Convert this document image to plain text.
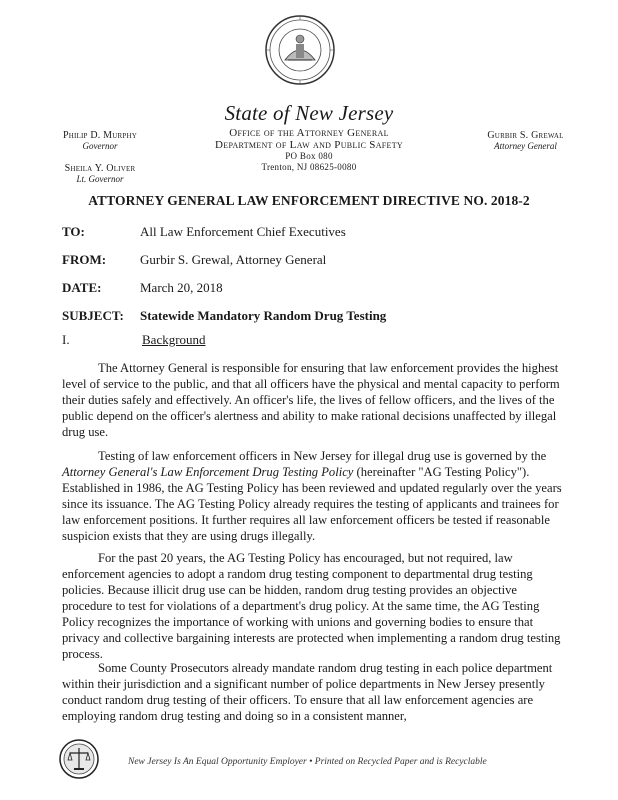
State of New Jersey
Office of the Attorney General
Department of Law and Public Safety
PO Box 080
Trenton, NJ 08625-0080
Philip D. Murphy
Governor
Sheila Y. Oliver
Lt. Governor
Gurbir S. Grewal
Attorney General
ATTORNEY GENERAL LAW ENFORCEMENT DIRECTIVE NO. 2018-2
TO:	All Law Enforcement Chief Executives
FROM:	Gurbir S. Grewal, Attorney General
DATE:	March 20, 2018
SUBJECT: Statewide Mandatory Random Drug Testing
I.	Background

The Attorney General is responsible for ensuring that law enforcement provides the highest level of service to the public, and that all officers have the physical and mental capacity to perform their duties safely and effectively. An officer's life, the lives of fellow officers, and the lives of the public depend on the officer's alertness and ability to make rational decisions unaffected by illegal drug use.

Testing of law enforcement officers in New Jersey for illegal drug use is governed by the Attorney General's Law Enforcement Drug Testing Policy (hereinafter "AG Testing Policy"). Established in 1986, the AG Testing Policy has been reviewed and updated regularly over the years since its issuance. The AG Testing Policy already requires the testing of applicants and trainees for law enforcement positions. It further requires all law enforcement officers be tested if reasonable suspicion exists that they are using drugs illegally.

For the past 20 years, the AG Testing Policy has encouraged, but not required, law enforcement agencies to adopt a random drug testing component to departmental drug testing policies. Because illicit drug use can be hidden, random drug testing provides an objective procedure to test for violations of a department's drug policy. At the same time, the AG Testing Policy recognizes the importance of working with unions and governing bodies to ensure that privacy and collective bargaining interests are protected when implementing a random drug testing process.

Some County Prosecutors already mandate random drug testing in each police department within their jurisdiction and a significant number of police departments in New Jersey presently conduct random drug testing of their officers. To ensure that all law enforcement agencies are employing random drug testing and doing so in a consistent manner,

New Jersey Is An Equal Opportunity Employer • Printed on Recycled Paper and is Recyclable
